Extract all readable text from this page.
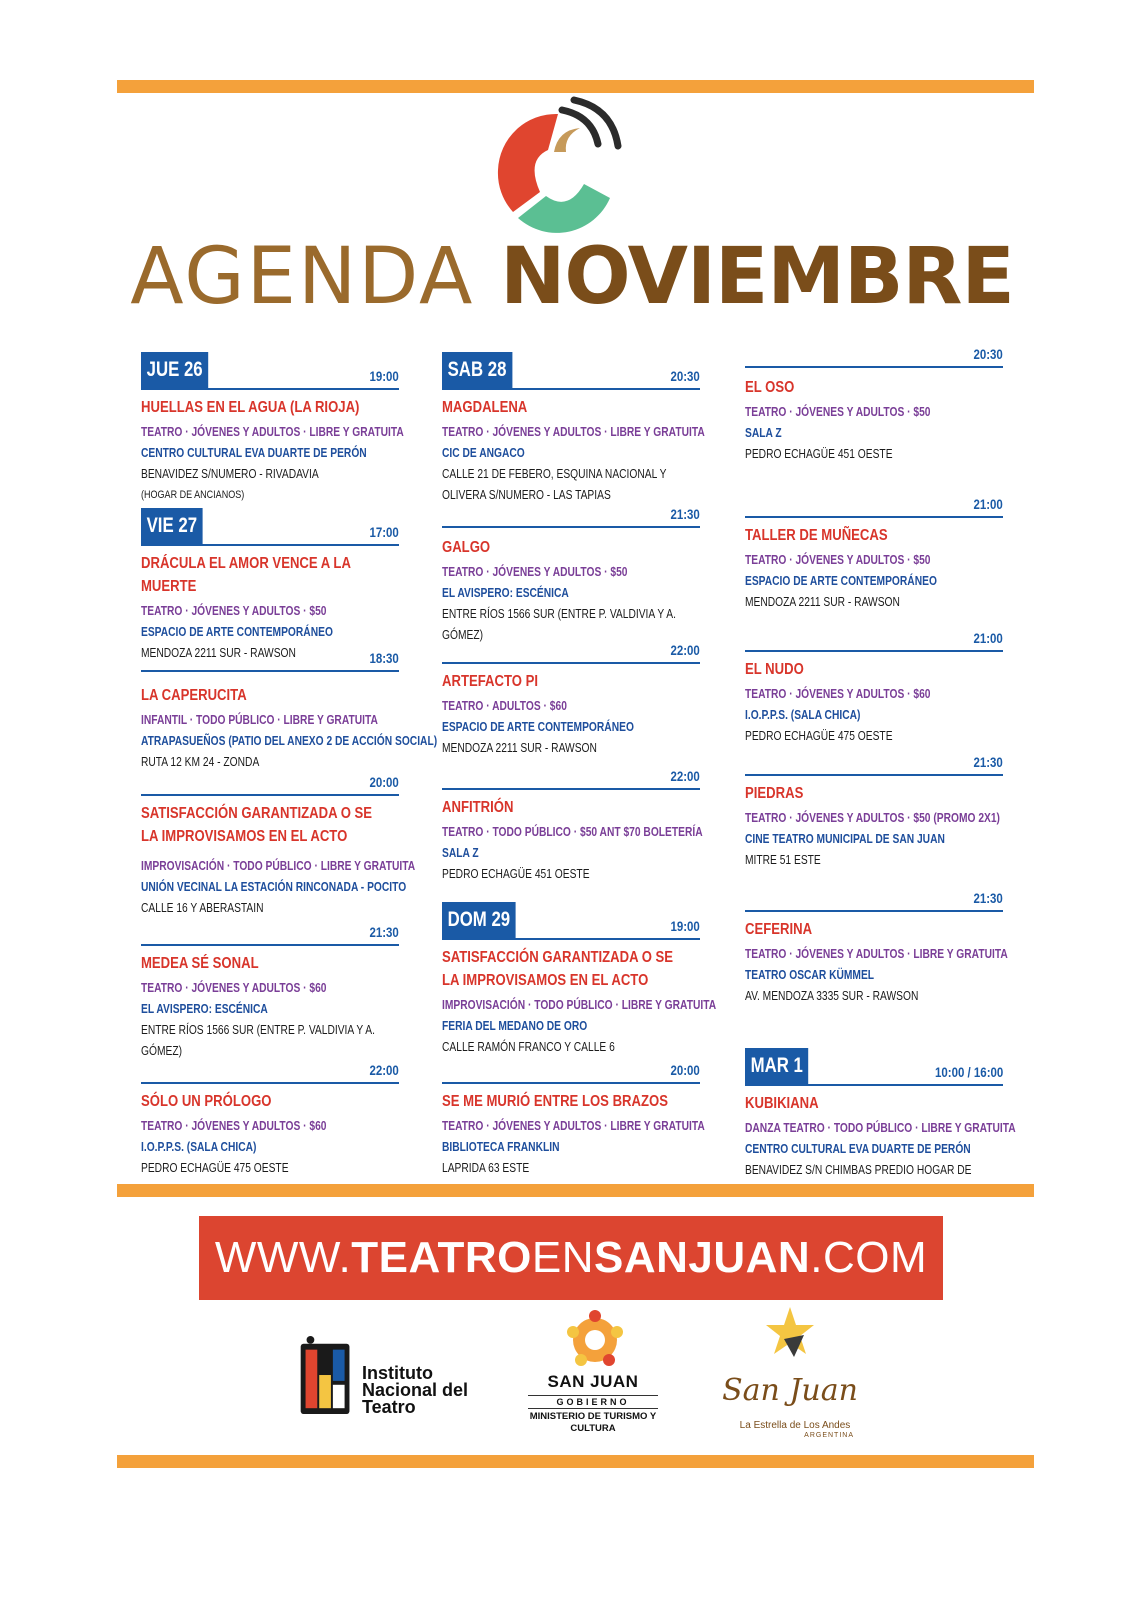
AGENDA NOVIEMBRE
JUE 26	19:00
HUELLAS EN EL AGUA (LA RIOJA)
TEATRO · JÓVENES Y ADULTOS · LIBRE Y GRATUITA
CENTRO CULTURAL EVA DUARTE DE PERÓN
BENAVIDEZ S/NUMERO - RIVADAVIA
(HOGAR DE ANCIANOS)
VIE 27	17:00
DRÁCULA EL AMOR VENCE A LA MUERTE
TEATRO · JÓVENES Y ADULTOS · $50
ESPACIO DE ARTE CONTEMPORÁNEO
MENDOZA 2211 SUR - RAWSON	18:30
LA CAPERUCITA
INFANTIL · TODO PÚBLICO · LIBRE Y GRATUITA
ATRAPASUEÑOS (PATIO DEL ANEXO 2 DE ACCIÓN SOCIAL)
RUTA 12 KM 24 - ZONDA
20:00
SATISFACCIÓN GARANTIZADA O SE LA IMPROVISAMOS EN EL ACTO
IMPROVISACIÓN · TODO PÚBLICO · LIBRE Y GRATUITA
UNIÓN VECINAL LA ESTACIÓN RINCONADA - POCITO
CALLE 16 Y ABERASTAIN
21:30
MEDEA SÉ SONAL
TEATRO · JÓVENES Y ADULTOS · $60
EL AVISPERO: ESCÉNICA
ENTRE RÍOS 1566 SUR (ENTRE P. VALDIVIA Y A. GÓMEZ)
22:00
SÓLO UN PRÓLOGO
TEATRO · JÓVENES Y ADULTOS · $60
I.O.P.P.S. (SALA CHICA)
PEDRO ECHAGÜE 475 OESTE
SAB 28	20:30
MAGDALENA
TEATRO · JÓVENES Y ADULTOS · LIBRE Y GRATUITA
CIC DE ANGACO
CALLE 21 DE FEBERO, ESQUINA NACIONAL Y OLIVERA S/NUMERO - LAS TAPIAS
21:30
GALGO
TEATRO · JÓVENES Y ADULTOS · $50
EL AVISPERO: ESCÉNICA
ENTRE RÍOS 1566 SUR (ENTRE P. VALDIVIA Y A. GÓMEZ)
22:00
ARTEFACTO PI
TEATRO · ADULTOS · $60
ESPACIO DE ARTE CONTEMPORÁNEO
MENDOZA 2211 SUR - RAWSON
22:00
ANFITRIÓN
TEATRO · TODO PÚBLICO · $50 ANT $70 BOLETERÍA
SALA Z
PEDRO ECHAGÜE 451 OESTE
DOM 29	19:00
SATISFACCIÓN GARANTIZADA O SE LA IMPROVISAMOS EN EL ACTO
IMPROVISACIÓN · TODO PÚBLICO · LIBRE Y GRATUITA
FERIA DEL MEDANO DE ORO
CALLE RAMÓN FRANCO Y CALLE 6
20:00
SE ME MURIÓ ENTRE LOS BRAZOS
TEATRO · JÓVENES Y ADULTOS · LIBRE Y GRATUITA
BIBLIOTECA FRANKLIN
LAPRIDA 63 ESTE
20:30
EL OSO
TEATRO · JÓVENES Y ADULTOS · $50
SALA Z
PEDRO ECHAGÜE 451 OESTE
21:00
TALLER DE MUÑECAS
TEATRO · JÓVENES Y ADULTOS · $50
ESPACIO DE ARTE CONTEMPORÁNEO
MENDOZA 2211 SUR - RAWSON
21:00
EL NUDO
TEATRO · JÓVENES Y ADULTOS · $60
I.O.P.P.S. (SALA CHICA)
PEDRO ECHAGÜE 475 OESTE
21:30
PIEDRAS
TEATRO · JÓVENES Y ADULTOS · $50 (PROMO 2X1)
CINE TEATRO MUNICIPAL DE SAN JUAN
MITRE 51 ESTE
21:30
CEFERINA
TEATRO · JÓVENES Y ADULTOS · LIBRE Y GRATUITA
TEATRO OSCAR KÜMMEL
AV. MENDOZA 3335 SUR - RAWSON
MAR 1	10:00 / 16:00
KUBIKIANA
DANZA TEATRO · TODO PÚBLICO · LIBRE Y GRATUITA
CENTRO CULTURAL EVA DUARTE DE PERÓN
BENAVIDEZ S/N CHIMBAS PREDIO HOGAR DE
WWW.TEATROENSANJUAN.COM
Instituto Nacional del Teatro
SAN JUAN
GOBIERNO
MINISTERIO DE TURISMO Y CULTURA
San Juan
La Estrella de Los Andes
ARGENTINA
